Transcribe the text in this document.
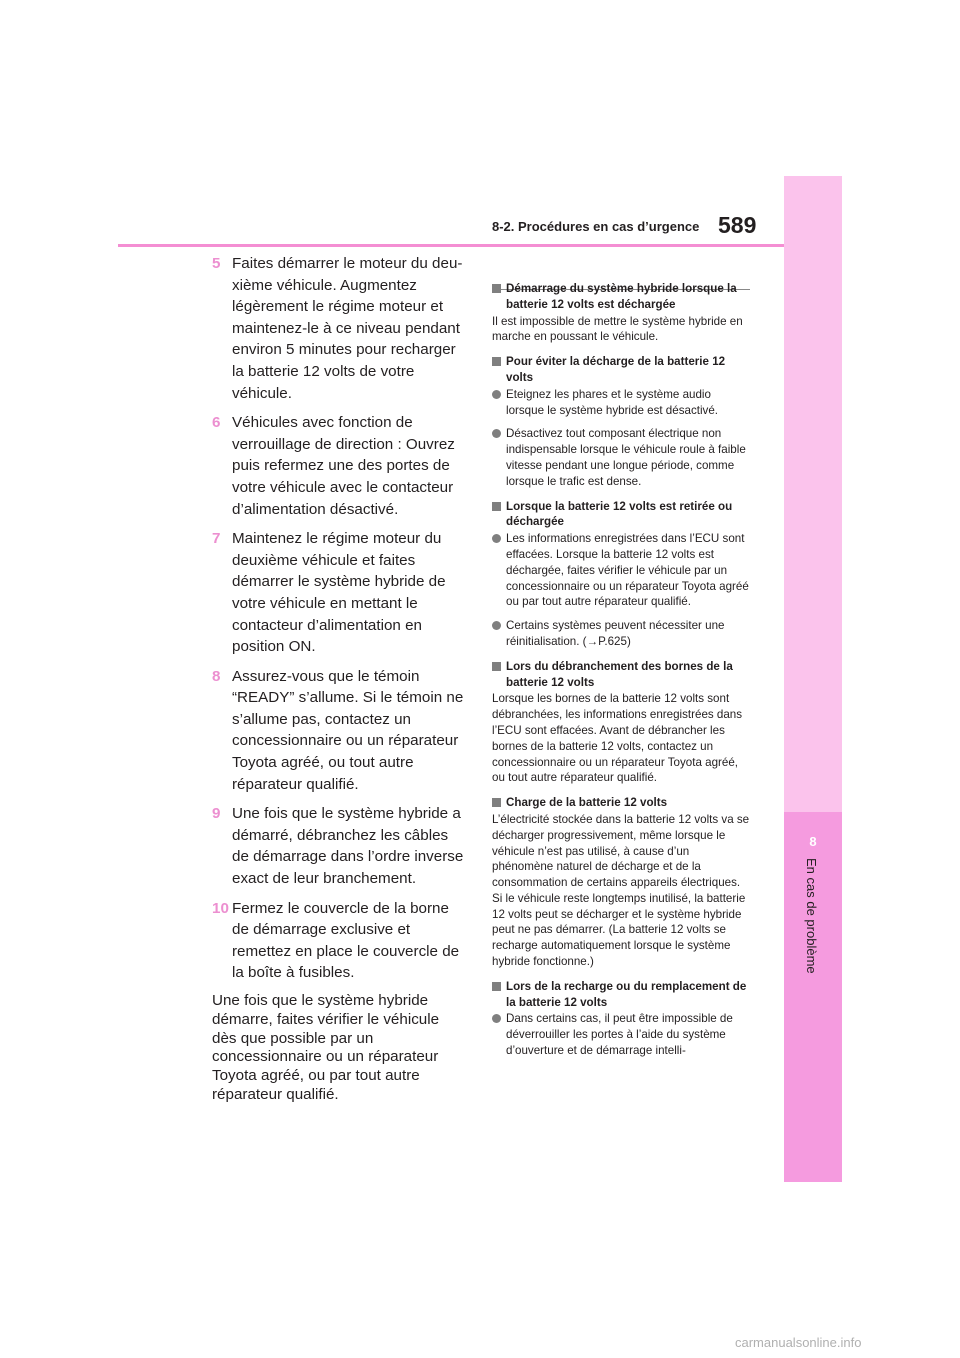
8
En cas de problème
8-2. Procédures en cas d’urgence 589
5 Faites démarrer le moteur du deuxième véhicule. Augmentez légèrement le régime moteur et maintenez-le à ce niveau pendant environ 5 minutes pour recharger la batterie 12 volts de votre véhicule.
6 Véhicules avec fonction de verrouillage de direction : Ouvrez puis refermez une des portes de votre véhicule avec le contacteur d’alimentation désactivé.
7 Maintenez le régime moteur du deuxième véhicule et faites démarrer le système hybride de votre véhicule en mettant le contacteur d’alimentation en position ON.
8 Assurez-vous que le témoin “READY” s’allume. Si le témoin ne s’allume pas, contactez un concessionnaire ou un réparateur Toyota agréé, ou tout autre réparateur qualifié.
9 Une fois que le système hybride a démarré, débranchez les câbles de démarrage dans l’ordre inverse exact de leur branchement.
10 Fermez le couvercle de la borne de démarrage exclusive et remettez en place le couvercle de la boîte à fusibles.
Une fois que le système hybride démarre, faites vérifier le véhicule dès que possible par un concessionnaire ou un réparateur Toyota agréé, ou par tout autre réparateur qualifié.
Démarrage du système hybride lorsque la batterie 12 volts est déchargée
Il est impossible de mettre le système hybride en marche en poussant le véhicule.
Pour éviter la décharge de la batterie 12 volts
Eteignez les phares et le système audio lorsque le système hybride est désactivé.
Désactivez tout composant électrique non indispensable lorsque le véhicule roule à faible vitesse pendant une longue période, comme lorsque le trafic est dense.
Lorsque la batterie 12 volts est retirée ou déchargée
Les informations enregistrées dans l’ECU sont effacées. Lorsque la batterie 12 volts est déchargée, faites vérifier le véhicule par un concessionnaire ou un réparateur Toyota agréé ou par tout autre réparateur qualifié.
Certains systèmes peuvent nécessiter une réinitialisation. (→P.625)
Lors du débranchement des bornes de la batterie 12 volts
Lorsque les bornes de la batterie 12 volts sont débranchées, les informations enregistrées dans l’ECU sont effacées. Avant de débrancher les bornes de la batterie 12 volts, contactez un concessionnaire ou un réparateur Toyota agréé, ou tout autre réparateur qualifié.
Charge de la batterie 12 volts
L’électricité stockée dans la batterie 12 volts va se décharger progressivement, même lorsque le véhicule n’est pas utilisé, à cause d’un phénomène naturel de décharge et de la consommation de certains appareils électriques. Si le véhicule reste longtemps inutilisé, la batterie 12 volts peut se décharger et le système hybride peut ne pas démarrer. (La batterie 12 volts se recharge automatiquement lorsque le système hybride fonctionne.)
Lors de la recharge ou du remplacement de la batterie 12 volts
Dans certains cas, il peut être impossible de déverrouiller les portes à l’aide du système d’ouverture et de démarrage intelli-
carmanualsonline.info
